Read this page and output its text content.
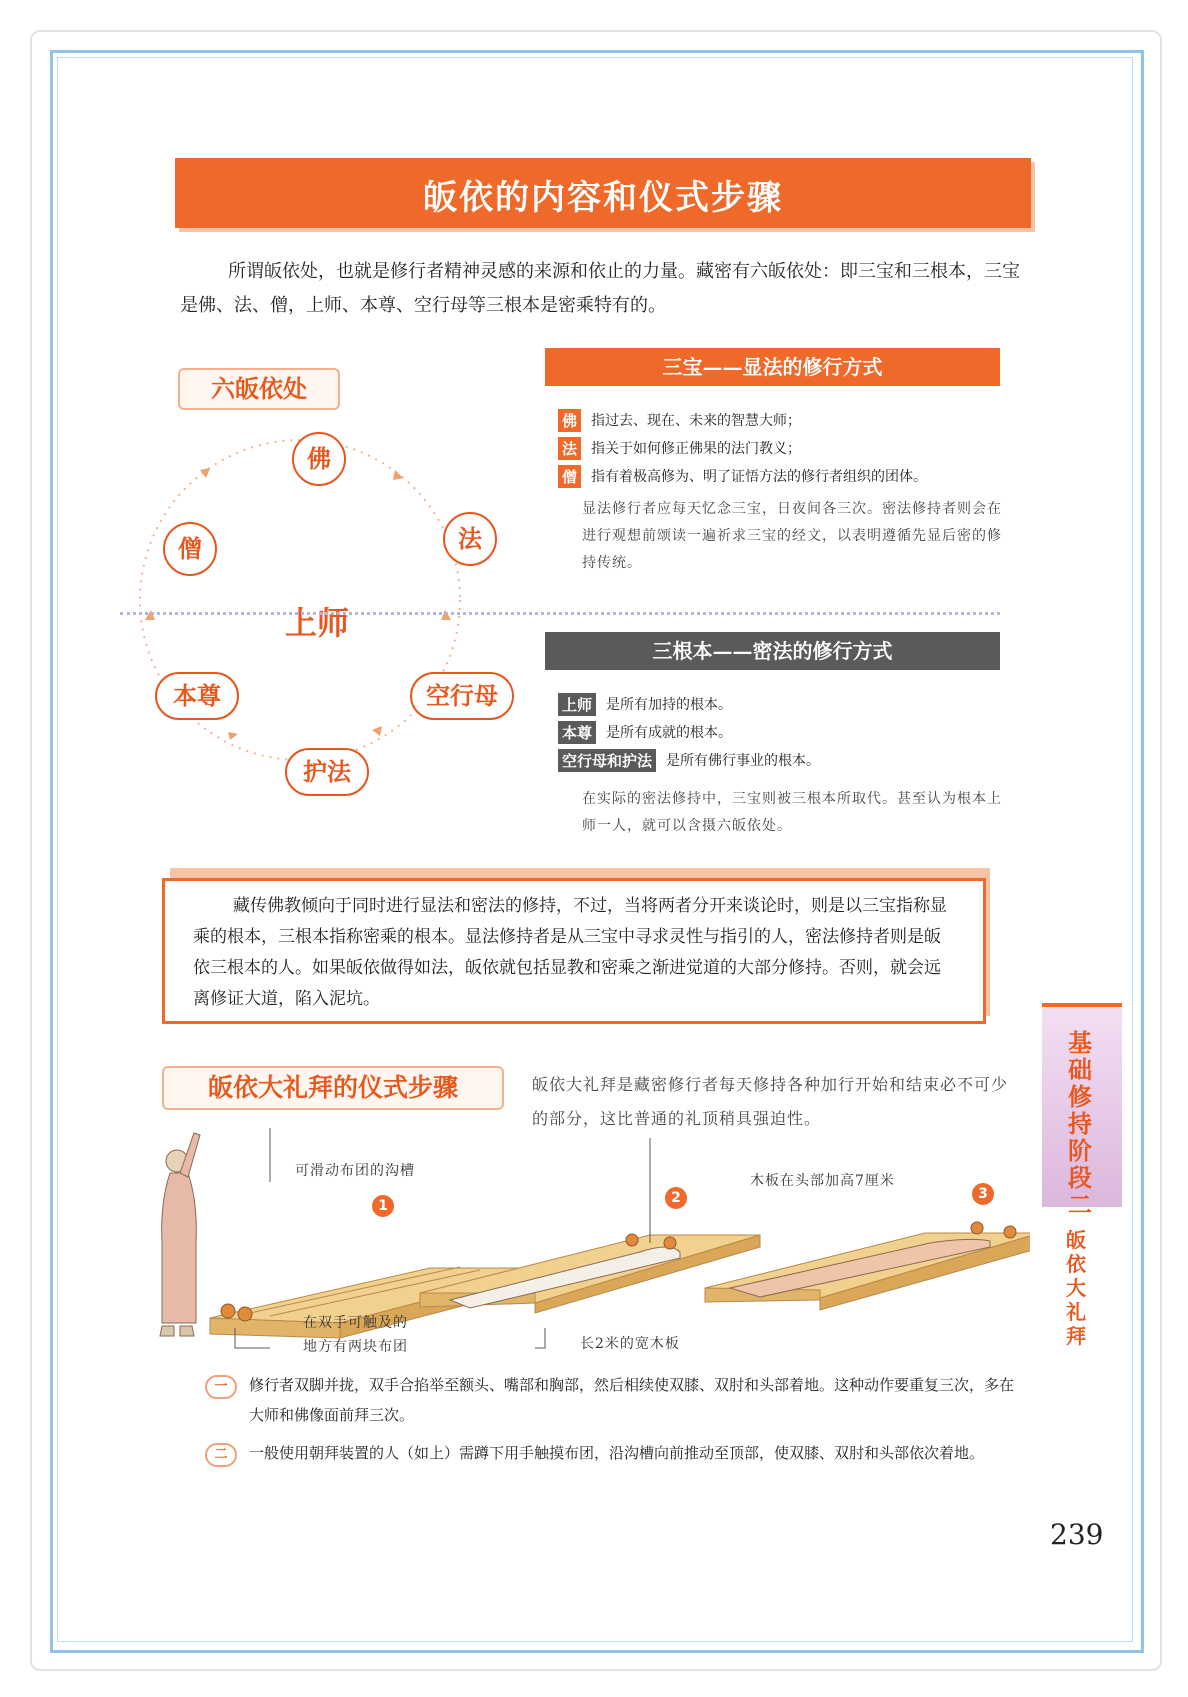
皈依的内容和仪式步骤
所谓皈依处，也就是修行者精神灵感的来源和依止的力量。藏密有六皈依处：即三宝和三根本，三宝是佛、法、僧，上师、本尊、空行母等三根本是密乘特有的。
六皈依处
佛
法
僧
本尊	空行母
护法
上师
三宝——显法的修行方式
佛 指过去、现在、未来的智慧大师；
法 指关于如何修正佛果的法门教义；
僧 指有着极高修为、明了证悟方法的修行者组织的团体。
显法修行者应每天忆念三宝，日夜间各三次。密法修持者则会在进行观想前颂读一遍祈求三宝的经文，以表明遵循先显后密的修持传统。
三根本——密法的修行方式
上师 是所有加持的根本。
本尊 是所有成就的根本。
空行母和护法 是所有佛行事业的根本。
在实际的密法修持中，三宝则被三根本所取代。甚至认为根本上师一人，就可以含摄六皈依处。

藏传佛教倾向于同时进行显法和密法的修持，不过，当将两者分开来谈论时，则是以三宝指称显乘的根本，三根本指称密乘的根本。显法修持者是从三宝中寻求灵性与指引的人，密法修持者则是皈依三根本的人。如果皈依做得如法，皈依就包括显教和密乘之渐进觉道的大部分修持。否则，就会远离修证大道，陷入泥坑。

基础修持阶段二
皈依大礼拜
皈依大礼拜的仪式步骤	皈依大礼拜是藏密修行者每天修持各种加行开始和结束必不可少的部分，这比普通的礼顶稍具强迫性。
可滑动布团的沟槽
在双手可触及的
地方有两块布团	长2米的宽木板
木板在头部加高7厘米
1	2	3
一	修行者双脚并拢，双手合掐举至额头、嘴部和胸部，然后相续使双膝、双肘和头部着地。这种动作要重复三次，多在大师和佛像面前拜三次。
二	一般使用朝拜装置的人（如上）需蹲下用手触摸布团，沿沟槽向前推动至顶部，使双膝、双肘和头部依次着地。
239
